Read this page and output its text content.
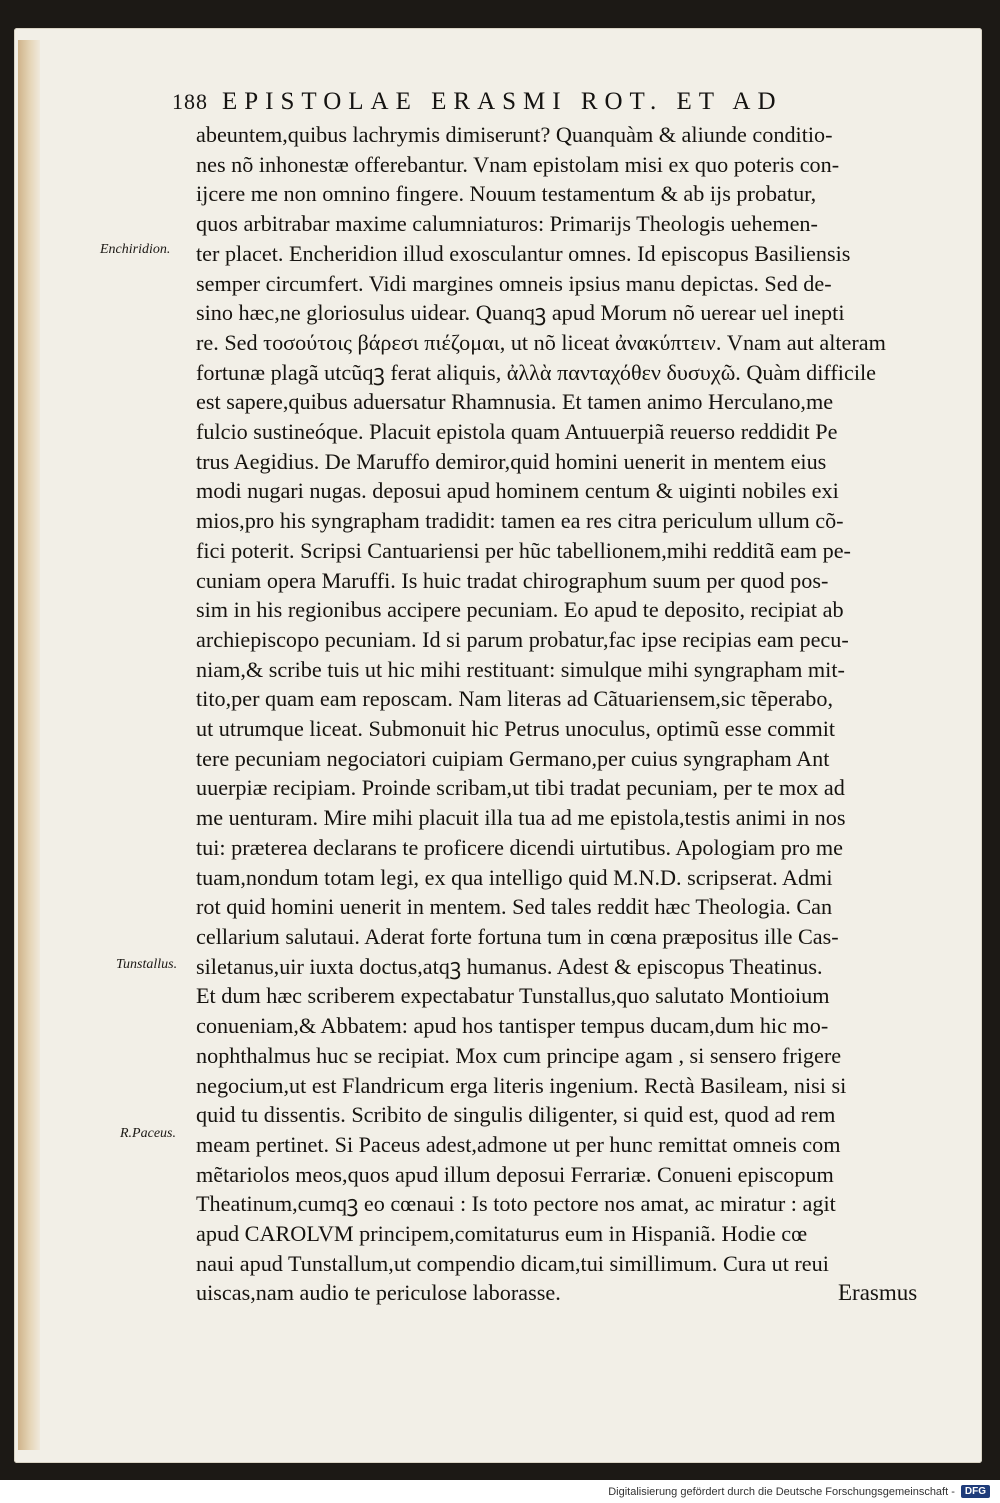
188 EPISTOLAE ERASMI ROT. ET AD
Enchiridion.
Tunstallus.
R.Paceus.
abeuntem,quibus lachrymis dimiserunt? Quanquàm & aliunde conditio-
nes nõ inhonestæ offerebantur. Vnam epistolam misi ex quo poteris con-
ijcere me non omnino fingere. Nouum testamentum & ab ijs probatur,
quos arbitrabar maxime calumniaturos: Primarijs Theologis uehemen-
ter placet. Encheridion illud exosculantur omnes. Id episcopus Basiliensis
semper circumfert. Vidi margines omneis ipsius manu depictas. Sed de-
sino hæc,ne gloriosulus uidear. Quanqꝫ apud Morum nõ uerear uel inepti
re. Sed τοσούτοις βάρεσι πιέζομαι, ut nõ liceat ἀνακύπτειν. Vnam aut alteram
fortunæ plagã utcũqꝫ ferat aliquis, ἀλλὰ πανταχόθεν δυσυχῶ. Quàm difficile
est sapere,quibus aduersatur Rhamnusia. Et tamen animo Herculano,me
fulcio sustineóque. Placuit epistola quam Antuuerpiã reuerso reddidit Pe
trus Aegidius. De Maruffo demiror,quid homini uenerit in mentem eius
modi nugari nugas. deposui apud hominem centum & uiginti nobiles exi
mios,pro his syngrapham tradidit: tamen ea res citra periculum ullum cõ-
fici poterit. Scripsi Cantuariensi per hũc tabellionem,mihi redditã eam pe-
cuniam opera Maruffi. Is huic tradat chirographum suum per quod pos-
sim in his regionibus accipere pecuniam. Eo apud te deposito, recipiat ab
archiepiscopo pecuniam. Id si parum probatur,fac ipse recipias eam pecu-
niam,& scribe tuis ut hic mihi restituant: simulque mihi syngrapham mit-
tito,per quam eam reposcam. Nam literas ad Cãtuariensem,sic tẽperabo,
ut utrumque liceat. Submonuit hic Petrus unoculus, optimũ esse commit
tere pecuniam negociatori cuipiam Germano,per cuius syngrapham Ant
uuerpiæ recipiam. Proinde scribam,ut tibi tradat pecuniam, per te mox ad
me uenturam. Mire mihi placuit illa tua ad me epistola,testis animi in nos
tui: præterea declarans te proficere dicendi uirtutibus. Apologiam pro me
tuam,nondum totam legi, ex qua intelligo quid M.N.D. scripserat. Admi
rot quid homini uenerit in mentem. Sed tales reddit hæc Theologia. Can
cellarium salutaui. Aderat forte fortuna tum in cœna præpositus ille Cas-
siletanus,uir iuxta doctus,atqꝫ humanus. Adest & episcopus Theatinus.
Et dum hæc scriberem expectabatur Tunstallus,quo salutato Montioium
conueniam,& Abbatem: apud hos tantisper tempus ducam,dum hic mo-
nophthalmus huc se recipiat. Mox cum principe agam , si sensero frigere
negocium,ut est Flandricum erga literis ingenium. Rectà Basileam, nisi si
quid tu dissentis. Scribito de singulis diligenter, si quid est, quod ad rem
meam pertinet. Si Paceus adest,admone ut per hunc remittat omneis com
mẽtariolos meos,quos apud illum deposui Ferrariæ. Conueni episcopum
Theatinum,cumqꝫ eo cœnaui : Is toto pectore nos amat, ac miratur : agit
apud CAROLVM principem,comitaturus eum in Hispaniã. Hodie cœ
naui apud Tunstallum,ut compendio dicam,tui simillimum. Cura ut reui
uiscas,nam audio te periculose laborasse.	Erasmus
Digitalisierung gefördert durch die Deutsche Forschungsgemeinschaft -	DFG
